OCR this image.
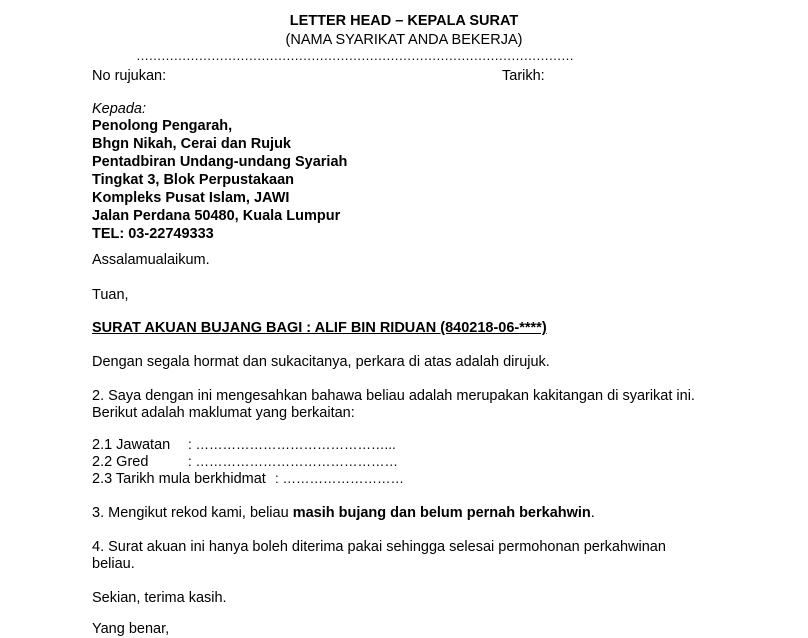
LETTER HEAD – KEPALA SURAT
(NAMA SYARIKAT ANDA BEKERJA)
……………………………………………………………………………………………
No rujukan:	Tarikh:
Kepada:
Penolong Pengarah,
Bhgn Nikah, Cerai dan Rujuk
Pentadbiran Undang-undang Syariah
Tingkat 3, Blok Perpustakaan
Kompleks Pusat Islam, JAWI
Jalan Perdana 50480, Kuala Lumpur
TEL: 03-22749333
Assalamualaikum.
Tuan,
SURAT AKUAN BUJANG BAGI : ALIF BIN RIDUAN (840218-06-****)
Dengan segala hormat dan sukacitanya, perkara di atas adalah dirujuk.
2. Saya dengan ini mengesahkan bahawa beliau adalah merupakan kakitangan di syarikat ini.
Berikut adalah maklumat yang berkaitan:
2.1 Jawatan : ……………………………………...
2.2 Gred	: ………………………………………
2.3 Tarikh mula berkhidmat : ………………………
3. Mengikut rekod kami, beliau masih bujang dan belum pernah berkahwin.
4. Surat akuan ini hanya boleh diterima pakai sehingga selesai permohonan perkahwinan
beliau.
Sekian, terima kasih.
Yang benar,
